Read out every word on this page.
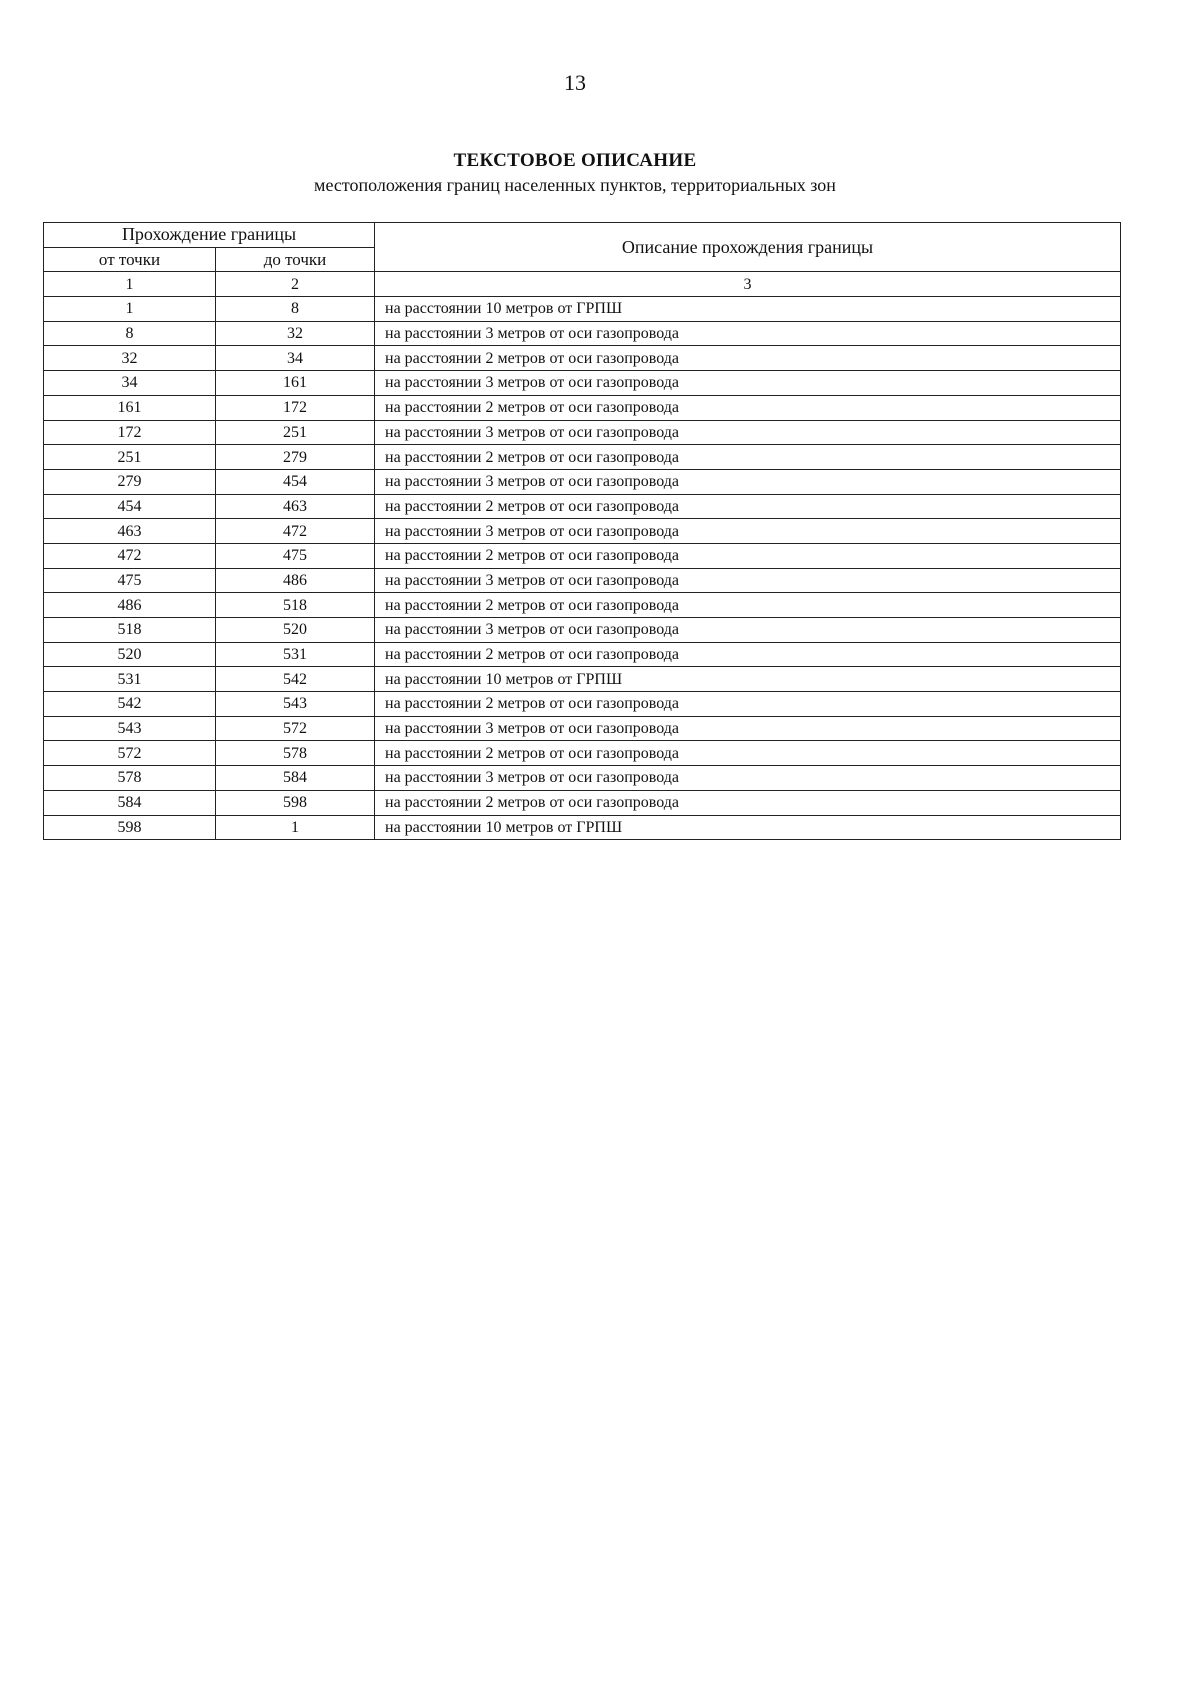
13
ТЕКСТОВОЕ ОПИСАНИЕ
местоположения границ населенных пунктов, территориальных зон
Прохождение границы		Описание прохождения границы
от точки	до точки	
1	2	3
1	8	на расстоянии 10 метров от ГРПШ
8	32	на расстоянии 3 метров от оси газопровода
32	34	на расстоянии 2 метров от оси газопровода
34	161	на расстоянии 3 метров от оси газопровода
161	172	на расстоянии 2 метров от оси газопровода
172	251	на расстоянии 3 метров от оси газопровода
251	279	на расстоянии 2 метров от оси газопровода
279	454	на расстоянии 3 метров от оси газопровода
454	463	на расстоянии 2 метров от оси газопровода
463	472	на расстоянии 3 метров от оси газопровода
472	475	на расстоянии 2 метров от оси газопровода
475	486	на расстоянии 3 метров от оси газопровода
486	518	на расстоянии 2 метров от оси газопровода
518	520	на расстоянии 3 метров от оси газопровода
520	531	на расстоянии 2 метров от оси газопровода
531	542	на расстоянии 10 метров от ГРПШ
542	543	на расстоянии 2 метров от оси газопровода
543	572	на расстоянии 3 метров от оси газопровода
572	578	на расстоянии 2 метров от оси газопровода
578	584	на расстоянии 3 метров от оси газопровода
584	598	на расстоянии 2 метров от оси газопровода
598	1	на расстоянии 10 метров от ГРПШ
